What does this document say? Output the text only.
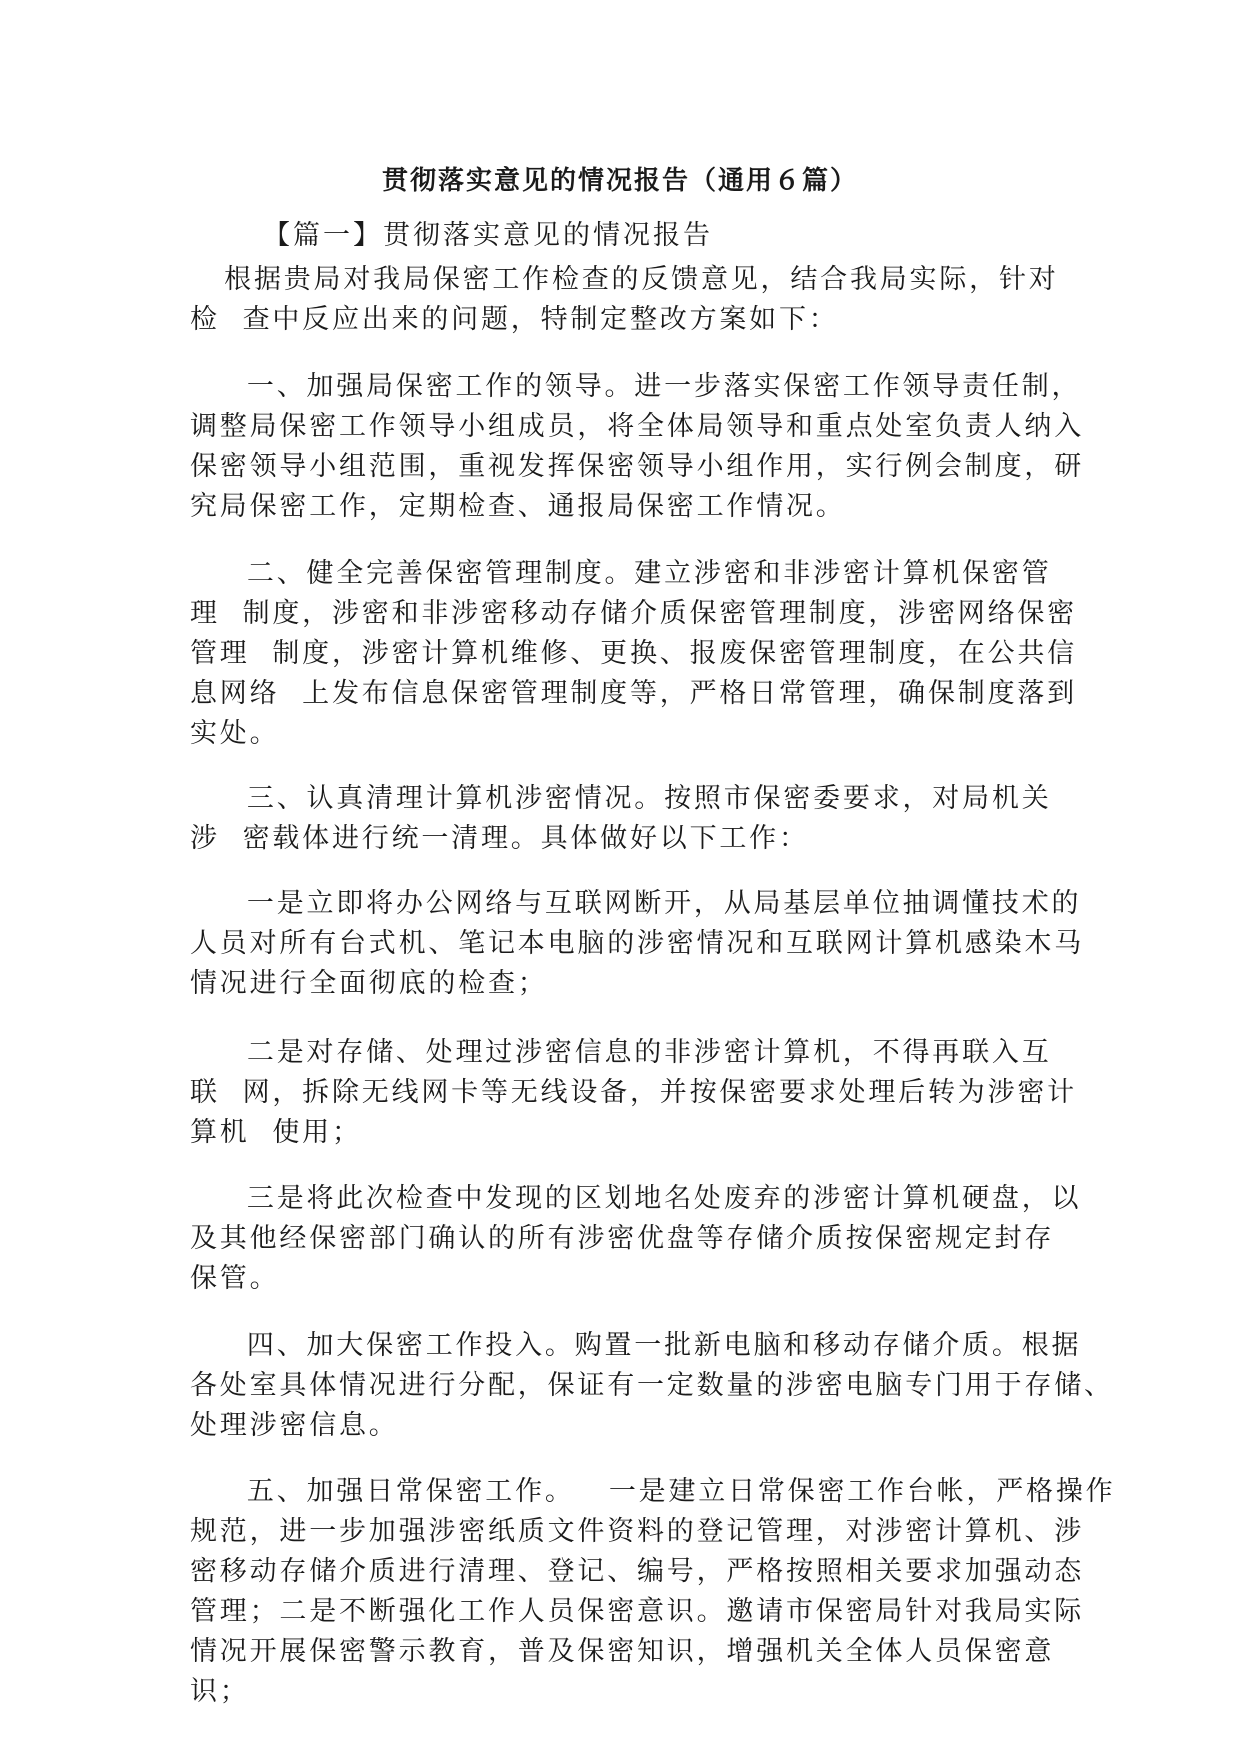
贯彻落实意见的情况报告（通用６篇）

【篇一】贯彻落实意见的情况报告

根据贵局对我局保密工作检查的反馈意见，结合我局实际，针对
检  查中反应出来的问题，特制定整改方案如下：

一、加强局保密工作的领导。进一步落实保密工作领导责任制，
调整局保密工作领导小组成员，将全体局领导和重点处室负责人纳入
保密领导小组范围，重视发挥保密领导小组作用，实行例会制度，研
究局保密工作，定期检查、通报局保密工作情况。

二、健全完善保密管理制度。建立涉密和非涉密计算机保密管
理  制度，涉密和非涉密移动存储介质保密管理制度，涉密网络保密
管理  制度，涉密计算机维修、更换、报废保密管理制度，在公共信
息网络  上发布信息保密管理制度等，严格日常管理，确保制度落到
实处。

三、认真清理计算机涉密情况。按照市保密委要求，对局机关
涉  密载体进行统一清理。具体做好以下工作：

一是立即将办公网络与互联网断开，从局基层单位抽调懂技术的
人员对所有台式机、笔记本电脑的涉密情况和互联网计算机感染木马
情况进行全面彻底的检查；

二是对存储、处理过涉密信息的非涉密计算机，不得再联入互
联  网，拆除无线网卡等无线设备，并按保密要求处理后转为涉密计
算机  使用；

三是将此次检查中发现的区划地名处废弃的涉密计算机硬盘，以
及其他经保密部门确认的所有涉密优盘等存储介质按保密规定封存
保管。

四、加大保密工作投入。购置一批新电脑和移动存储介质。根据
各处室具体情况进行分配，保证有一定数量的涉密电脑专门用于存储、
处理涉密信息。

五、加强日常保密工作。   一是建立日常保密工作台帐，严格操作
规范，进一步加强涉密纸质文件资料的登记管理，对涉密计算机、涉
密移动存储介质进行清理、登记、编号，严格按照相关要求加强动态
管理；二是不断强化工作人员保密意识。邀请市保密局针对我局实际
情况开展保密警示教育，普及保密知识，增强机关全体人员保密意
识；
